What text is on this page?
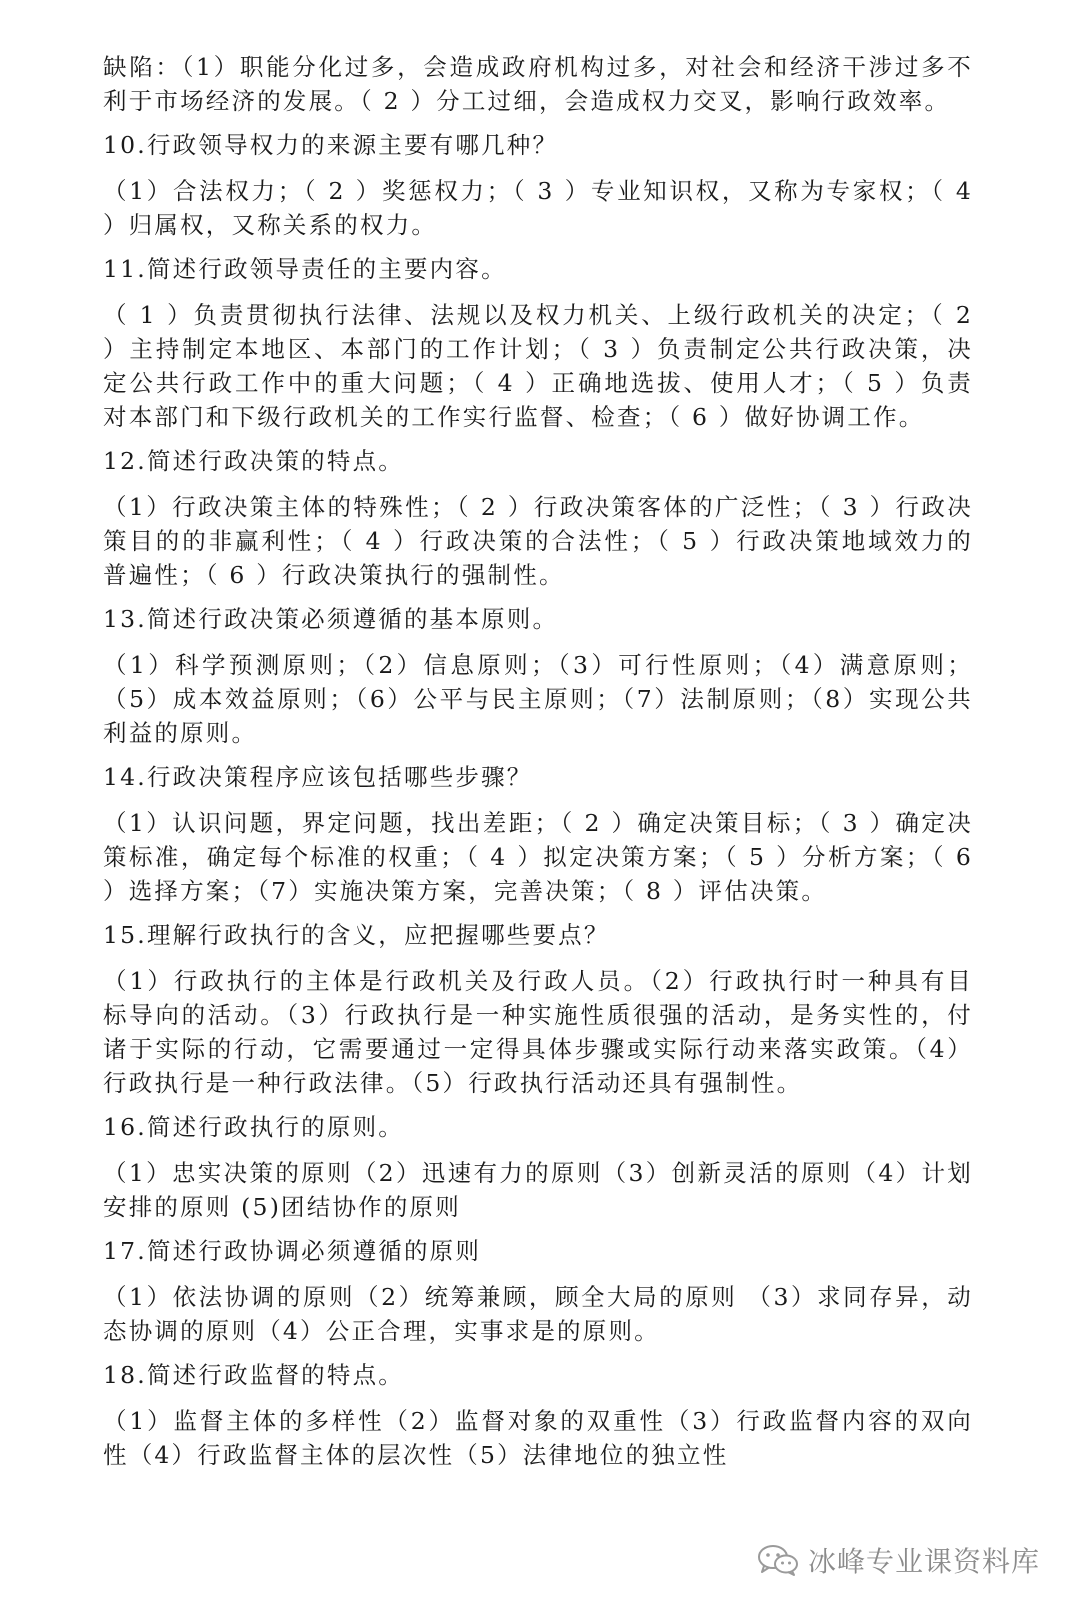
缺陷：（1）职能分化过多，会造成政府机构过多，对社会和经济干涉过多不利于市场经济的发展。（ 2 ）分工过细，会造成权力交叉，影响行政效率。

10.行政领导权力的来源主要有哪几种？

（1）合法权力；（ 2 ）奖惩权力；（ 3 ）专业知识权，又称为专家权；（ 4 ）归属权，又称关系的权力。

11.简述行政领导责任的主要内容。

（ 1 ）负责贯彻执行法律、法规以及权力机关、上级行政机关的决定；（ 2 ）主持制定本地区、本部门的工作计划；（ 3 ）负责制定公共行政决策，决定公共行政工作中的重大问题；（ 4 ）正确地选拔、使用人才；（ 5 ）负责对本部门和下级行政机关的工作实行监督、检查；（ 6 ）做好协调工作。

12.简述行政决策的特点。

（1）行政决策主体的特殊性；（ 2 ）行政决策客体的广泛性；（ 3 ）行政决策目的的非赢利性；（ 4 ）行政决策的合法性；（ 5 ）行政决策地域效力的普遍性；（ 6 ）行政决策执行的强制性。

13.简述行政决策必须遵循的基本原则。

（1）科学预测原则；（2）信息原则；（3）可行性原则；（4）满意原则；（5）成本效益原则；（6）公平与民主原则；（7）法制原则；（8）实现公共利益的原则。

14.行政决策程序应该包括哪些步骤？

（1）认识问题，界定问题，找出差距；（ 2 ）确定决策目标；（ 3 ）确定决策标准，确定每个标准的权重；（ 4 ）拟定决策方案；（ 5 ）分析方案；（ 6 ）选择方案；（7）实施决策方案，完善决策；（ 8 ）评估决策。

15.理解行政执行的含义，应把握哪些要点？

（1）行政执行的主体是行政机关及行政人员。（2）行政执行时一种具有目标导向的活动。（3）行政执行是一种实施性质很强的活动，是务实性的，付诸于实际的行动，它需要通过一定得具体步骤或实际行动来落实政策。（4）行政执行是一种行政法律。（5）行政执行活动还具有强制性。

16.简述行政执行的原则。

（1）忠实决策的原则（2）迅速有力的原则（3）创新灵活的原则（4）计划安排的原则 (5)团结协作的原则

17.简述行政协调必须遵循的原则

（1）依法协调的原则（2）统筹兼顾，顾全大局的原则 （3）求同存异，动态协调的原则（4）公正合理，实事求是的原则。

18.简述行政监督的特点。

（1）监督主体的多样性（2）监督对象的双重性（3）行政监督内容的双向性（4）行政监督主体的层次性（5）法律地位的独立性

冰峰专业课资料库
